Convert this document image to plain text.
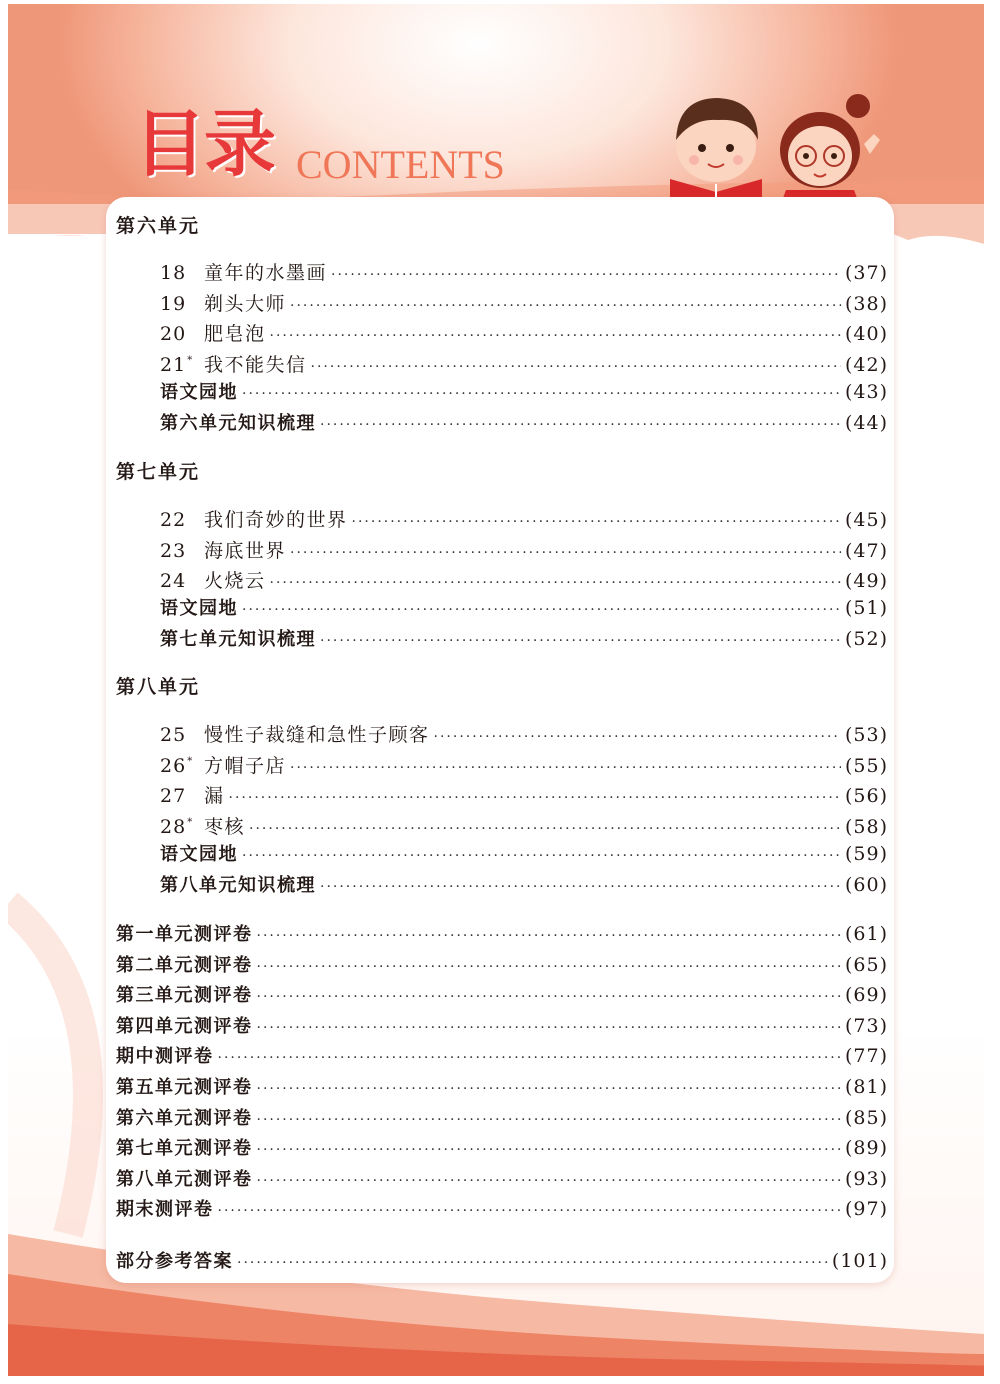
目录 CONTENTS
第六单元
18 童年的水墨画 ·····	(37)
19 剃头大师 ·····	(38)
20 肥皂泡 ·····	(40)
21* 我不能失信 ·····	(42)
语文园地 ·····	(43)
第六单元知识梳理 ·····	(44)
第七单元
22 我们奇妙的世界 ·····	(45)
23 海底世界 ·····	(47)
24 火烧云 ·····	(49)
语文园地 ·····	(51)
第七单元知识梳理 ·····	(52)
第八单元
25 慢性子裁缝和急性子顾客 ·····	(53)
26* 方帽子店 ·····	(55)
27 漏 ·····	(56)
28* 枣核 ·····	(58)
语文园地 ·····	(59)
第八单元知识梳理 ·····	(60)
第一单元测评卷 ·····	(61)
第二单元测评卷 ·····	(65)
第三单元测评卷 ·····	(69)
第四单元测评卷 ·····	(73)
期中测评卷 ·····	(77)
第五单元测评卷 ·····	(81)
第六单元测评卷 ·····	(85)
第七单元测评卷 ·····	(89)
第八单元测评卷 ·····	(93)
期末测评卷 ·····	(97)
部分参考答案 ·····	(101)
